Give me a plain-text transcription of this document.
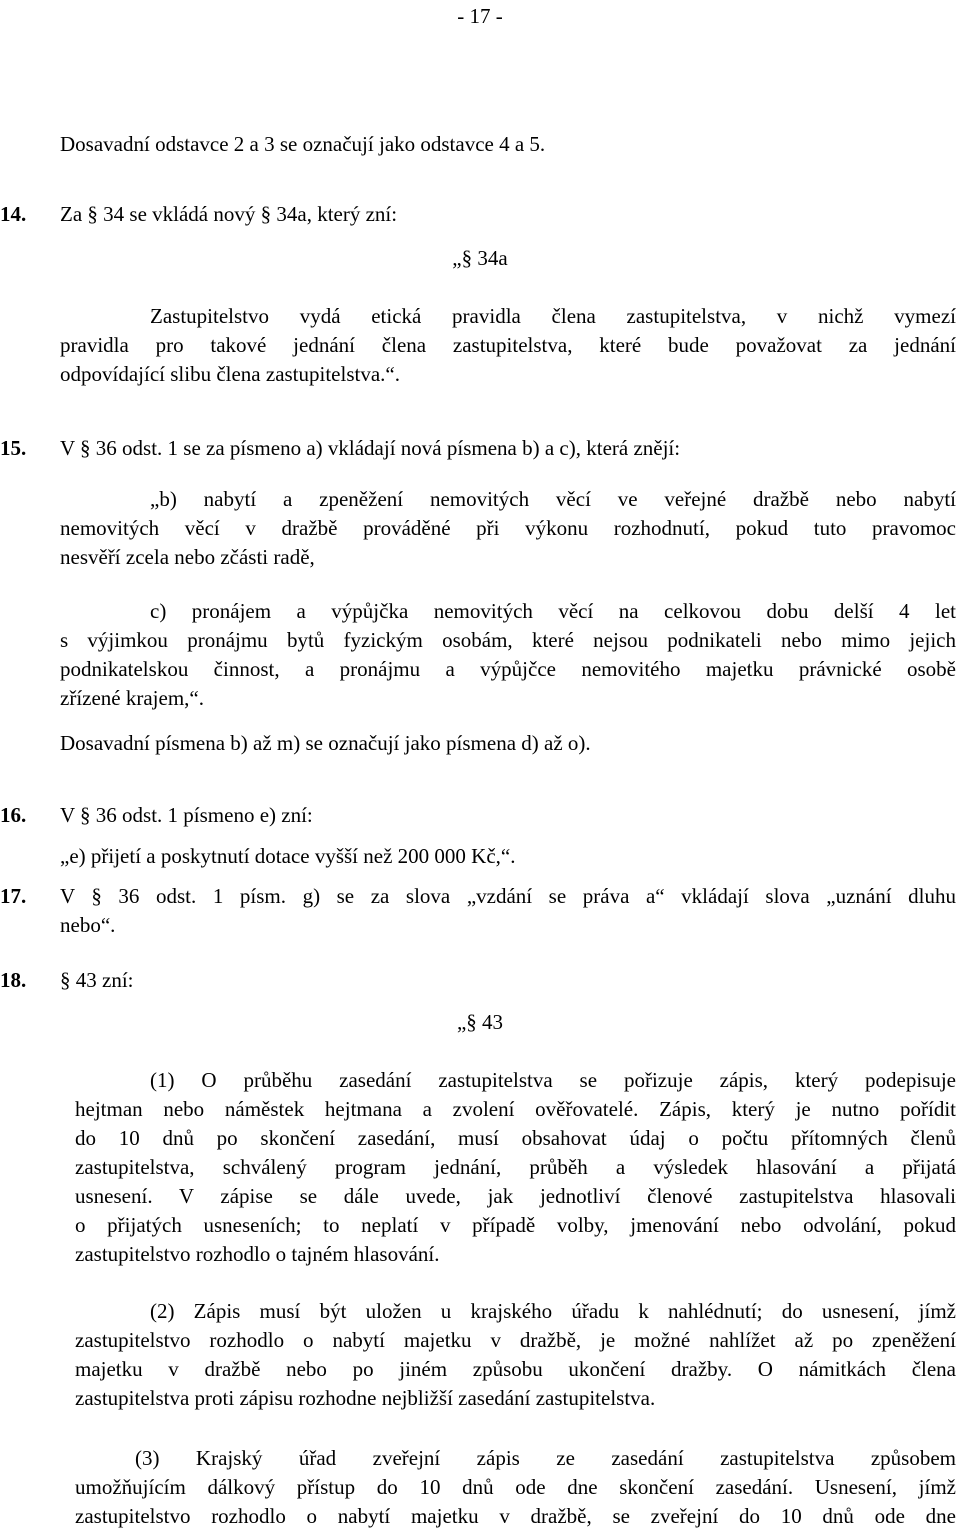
- 17 -
Dosavadní odstavce 2 a 3 se označují jako odstavce 4 a 5.
14. Za § 34 se vkládá nový § 34a, který zní:
„§ 34a
Zastupitelstvo vydá etická pravidla člena zastupitelstva, v nichž vymezí
pravidla pro takové jednání člena zastupitelstva, které bude považovat za jednání
odpovídající slibu člena zastupitelstva.“.
15. V § 36 odst. 1 se za písmeno a) vkládají nová písmena b) a c), která znějí:
„b) nabytí a zpeněžení nemovitých věcí ve veřejné dražbě nebo nabytí
nemovitých věcí v dražbě prováděné při výkonu rozhodnutí, pokud tuto pravomoc
nesvěří zcela nebo zčásti radě,
c) pronájem a výpůjčka nemovitých věcí na celkovou dobu delší 4 let
s výjimkou pronájmu bytů fyzickým osobám, které nejsou podnikateli nebo mimo jejich
podnikatelskou činnost, a pronájmu a výpůjčce nemovitého majetku právnické osobě
zřízené krajem,“.
Dosavadní písmena b) až m) se označují jako písmena d) až o).
16. V § 36 odst. 1 písmeno e) zní:
„e) přijetí a poskytnutí dotace vyšší než 200 000 Kč,“.
17. V § 36 odst. 1 písm. g) se za slova „vzdání se práva a“ vkládají slova „uznání dluhu
nebo“.
18. § 43 zní:
„§ 43
(1) O průběhu zasedání zastupitelstva se pořizuje zápis, který podepisuje
hejtman nebo náměstek hejtmana a zvolení ověřovatelé. Zápis, který je nutno pořídit
do 10 dnů po skončení zasedání, musí obsahovat údaj o počtu přítomných členů
zastupitelstva, schválený program jednání, průběh a výsledek hlasování a přijatá
usnesení. V zápise se dále uvede, jak jednotliví členové zastupitelstva hlasovali
o přijatých usneseních; to neplatí v případě volby, jmenování nebo odvolání, pokud
zastupitelstvo rozhodlo o tajném hlasování.
(2) Zápis musí být uložen u krajského úřadu k nahlédnutí; do usnesení, jímž
zastupitelstvo rozhodlo o nabytí majetku v dražbě, je možné nahlížet až po zpeněžení
majetku v dražbě nebo po jiném způsobu ukončení dražby. O námitkách člena
zastupitelstva proti zápisu rozhodne nejbližší zasedání zastupitelstva.
(3) Krajský úřad zveřejní zápis ze zasedání zastupitelstva způsobem
umožňujícím dálkový přístup do 10 dnů ode dne skončení zasedání. Usnesení, jímž
zastupitelstvo rozhodlo o nabytí majetku v dražbě, se zveřejní do 10 dnů ode dne
